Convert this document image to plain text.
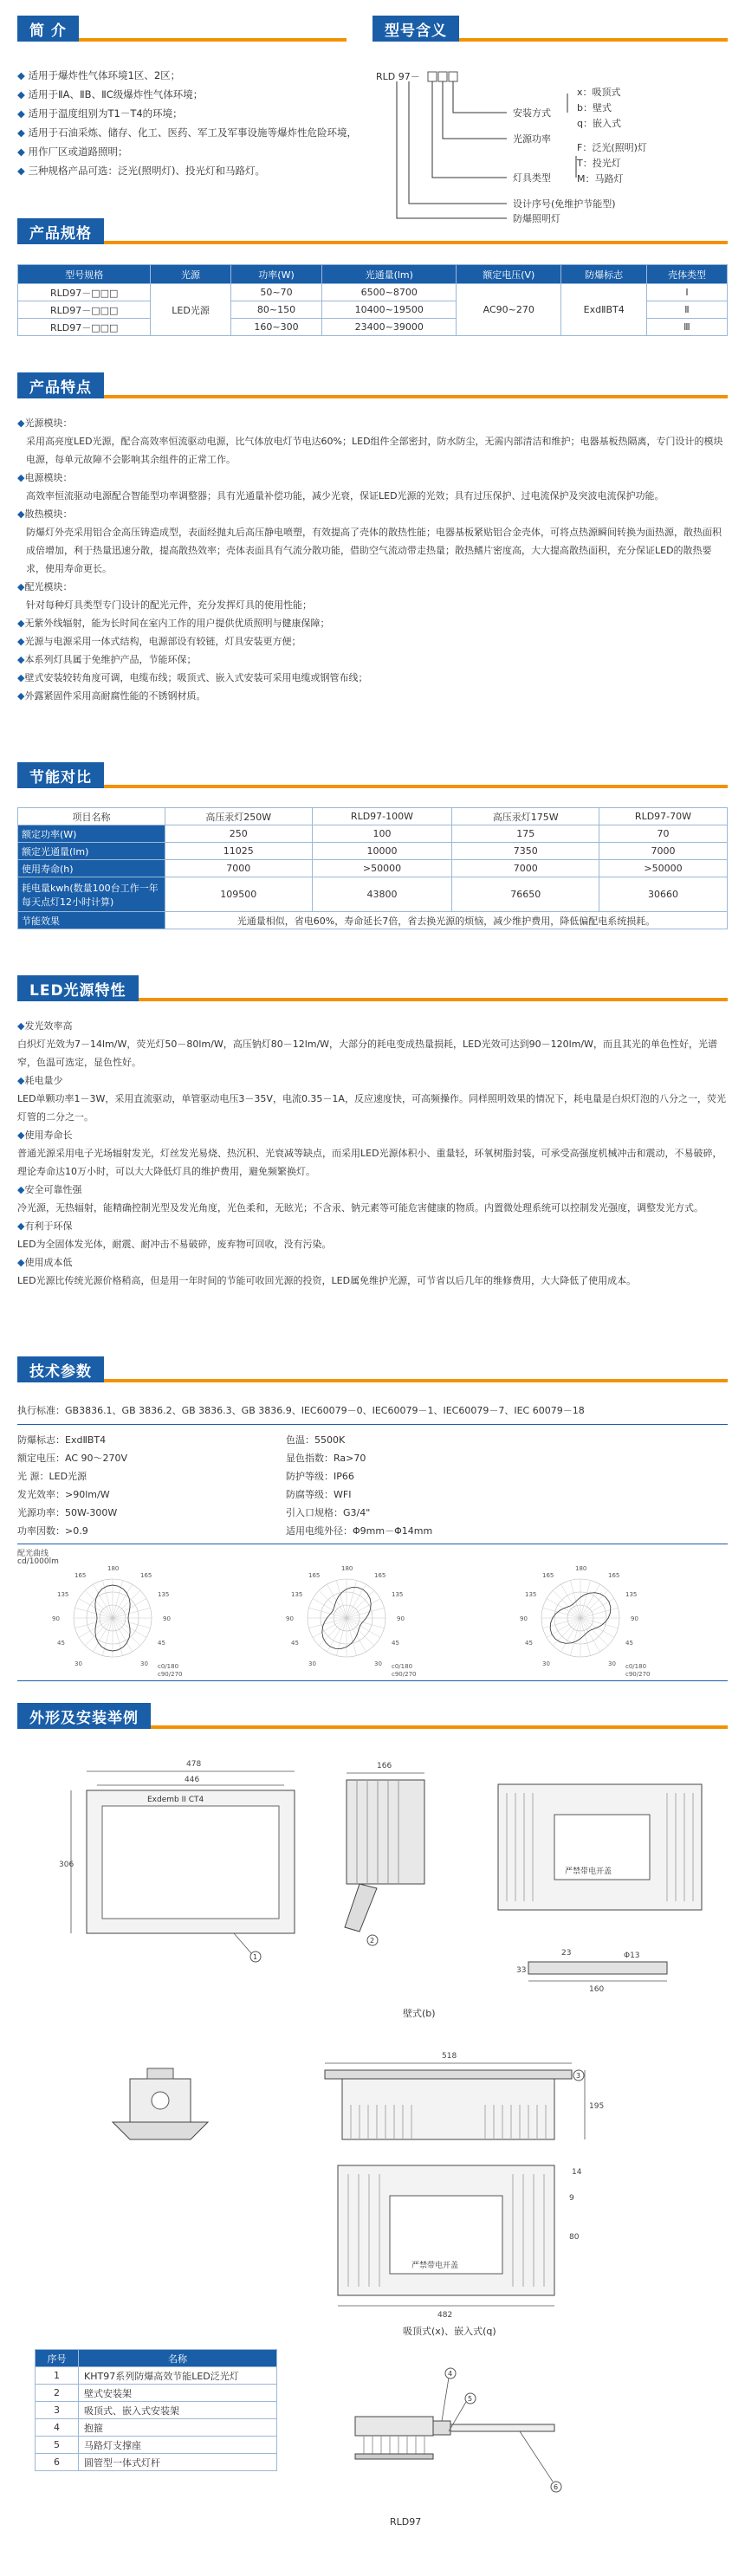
简 介
◆ 适用于爆炸性气体环境1区、2区；
◆ 适用于ⅡA、ⅡB、ⅡC级爆炸性气体环境；
◆ 适用于温度组别为T1－T4的环境；
◆ 适用于石油采炼、储存、化工、医药、军工及军事设施等爆炸性危险环境，
◆ 用作厂区或道路照明；
◆ 三种规格产品可选：泛光(照明灯)、投光灯和马路灯。
型号含义
RLD 97－
安装方式
光源功率
灯具类型
设计序号(免维护节能型)
防爆照明灯
x：吸顶式
b：壁式
q：嵌入式
F：泛光(照明)灯
T：投光灯
M：马路灯
产品规格
型号规格	光源	功率(W)	光通量(lm)	额定电压(V)	防爆标志	壳体类型
RLD97－□□□	LED光源	50~70	6500~8700	AC90~270	ExdⅡBT4	Ⅰ
RLD97－□□□		80~150	10400~19500			Ⅱ
RLD97－□□□		160~300	23400~39000			Ⅲ
产品特点
◆光源模块：
采用高亮度LED光源，配合高效率恒流驱动电源，比气体放电灯节电达60%；LED组件全部密封，防水防尘，无需内部清洁和维护；电器基板热隔离，专门设计的模块电源，每单元故障不会影响其余组件的正常工作。
◆电源模块：
高效率恒流驱动电源配合智能型功率调整器；具有光通量补偿功能，减少光衰，保证LED光源的光效；具有过压保护、过电流保护及突波电流保护功能。
◆散热模块：
防爆灯外壳采用铝合金高压铸造成型，表面经抛丸后高压静电喷塑，有效提高了壳体的散热性能；电器基板紧贴铝合金壳体，可将点热源瞬间转换为面热源，散热面积成倍增加，利于热量迅速分散，提高散热效率；壳体表面具有气流分散功能，借助空气流动带走热量；散热鳍片密度高，大大提高散热面积，充分保证LED的散热要求，使用寿命更长。
◆配光模块：
针对每种灯具类型专门设计的配光元件，充分发挥灯具的使用性能；
◆无紫外线辐射，能为长时间在室内工作的用户提供优质照明与健康保障；
◆光源与电源采用一体式结构，电源部设有较链，灯具安装更方便；
◆本系列灯具属于免维护产品，节能环保；
◆壁式安装较转角度可调，电缆布线；吸顶式、嵌入式安装可采用电缆或钢管布线；
◆外露紧固件采用高耐腐性能的不锈钢材质。
节能对比
项目名称	高压汞灯250W	RLD97-100W	高压汞灯175W	RLD97-70W
额定功率(W)	250	100	175	70
额定光通量(lm)	11025	10000	7350	7000
使用寿命(h)	7000	>50000	7000	>50000
耗电量kwh(数量100台工作一年每天点灯12小时计算)	109500	43800	76650	30660
节能效果	光通量相似，省电60%，寿命延长7倍，省去换光源的烦恼，减少维护费用，降低偏配电系统损耗。			
LED光源特性
◆发光效率高
白炽灯光效为7－14lm/W，荧光灯50－80lm/W，高压钠灯80－12lm/W，大部分的耗电变成热量损耗，LED光效可达到90－120lm/W，而且其光的单色性好，光谱窄，色温可选定，显色性好。
◆耗电量少
LED单颗功率1－3W，采用直流驱动，单管驱动电压3－35V，电流0.35－1A，反应速度快，可高频操作。同样照明效果的情况下，耗电量是白炽灯泡的八分之一，荧光灯管的二分之一。
◆使用寿命长
普通光源采用电子光场辐射发光，灯丝发光易烧、热沉积、光衰减等缺点，而采用LED光源体积小、重量轻，环氧树脂封装，可承受高强度机械冲击和震动，不易破碎，理论寿命达10万小时，可以大大降低灯具的维护费用，避免频繁换灯。
◆安全可靠性强
冷光源，无热辐射，能精确控制光型及发光角度，光色柔和，无眩光；不含汞、钠元素等可能危害健康的物质。内置微处理系统可以控制发光强度，调整发光方式。
◆有利于环保
LED为全固体发光体，耐震、耐冲击不易破碎，废弃物可回收，没有污染。
◆使用成本低
LED光源比传统光源价格稍高，但是用一年时间的节能可收回光源的投资，LED属免维护光源，可节省以后几年的维修费用，大大降低了使用成本。
技术参数
执行标准：GB3836.1、GB 3836.2、GB 3836.3、GB 3836.9、IEC60079－0、IEC60079－1、IEC60079－7、IEC 60079－18
防爆标志：ExdⅡBT4
额定电压：AC 90～270V
光 源：LED光源
发光效率：>90lm/W
光源功率：50W-300W
功率因数：>0.9
色温：5500K
显色指数：Ra>70
防护等级：IP66
防腐等级：WFI
引入口规格：G3/4"
适用电缆外径：Φ9mm－Φ14mm
配光曲线
cd/1000lm
180
165	165
135	135
90	90
45	45
30	30 c0/180
c90/270
180
165	165
135	135
90	90
45	45
30	30 c0/180
c90/270
180
165	165
135	135
90	90
45	45
30	30 c0/180
c90/270
外形及安装举例
478
446
Exdemb II CT4
306
1
166
2
严禁带电开盖
160
23
33
Φ13
壁式(b)
518
195
3
严禁带电开盖
14
9
80
482
吸顶式(x)、嵌入式(q)
序号	名称
1	KHT97系列防爆高效节能LED泛光灯
2	壁式安装架
3	吸顶式、嵌入式安装架
4	抱箍
5	马路灯支撑座
6	圆管型一体式灯杆
4
5
6
RLD97
